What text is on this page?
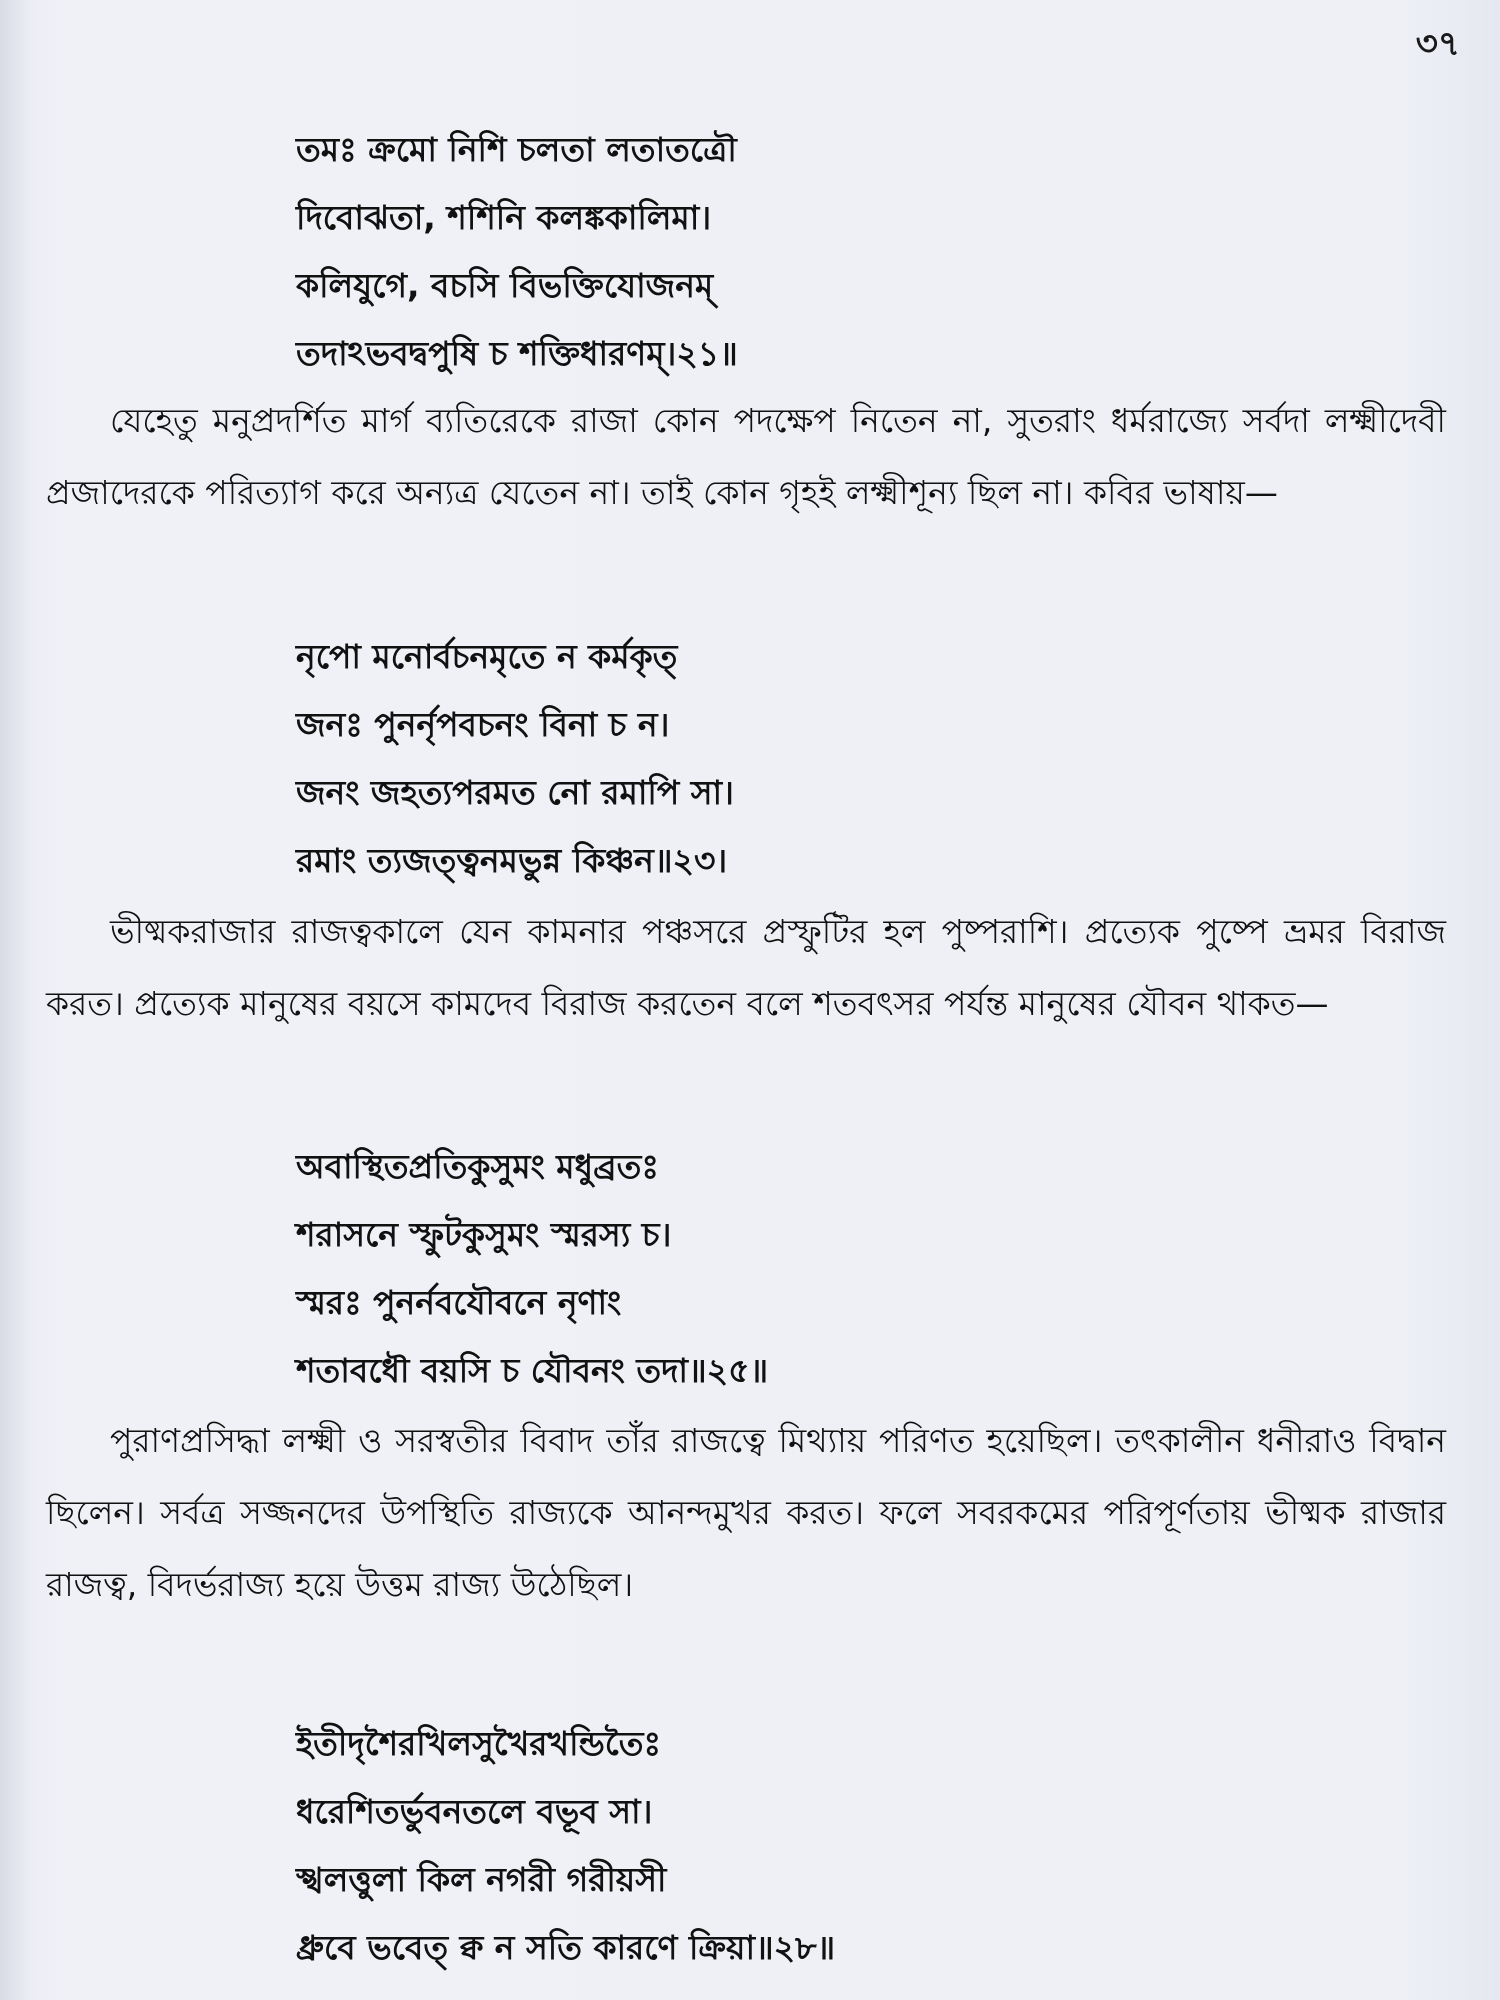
৩৭
তমঃ ক্রমো নিশি চলতা লতাতত্রৌ
দিবোঝতা, শশিনি কলঙ্ককালিমা।
কলিযুগে, বচসি বিভক্তিযোজনম্
তদাঽভবদ্বপুষি চ শক্তিধারণম্।২১॥

যেহেতু মনুপ্রদর্শিত মার্গ ব্যতিরেকে রাজা কোন পদক্ষেপ নিতেন না, সুতরাং ধর্মরাজ্যে সর্বদা লক্ষ্মীদেবী প্রজাদেরকে পরিত্যাগ করে অন্যত্র যেতেন না। তাই কোন গৃহই লক্ষ্মীশূন্য ছিল না। কবির ভাষায়—

নৃপো মনোর্বচনমৃতে ন কর্মকৃত্
জনঃ পুনর্নৃপবচনং বিনা চ ন।
জনং জহত্যপরমত নো রমাপি সা।
রমাং ত্যজত্ত্বনমভুন্ন কিঞ্চন॥২৩।

ভীষ্মকরাজার রাজত্বকালে যেন কামনার পঞ্চসরে প্রস্ফুটির হল পুষ্পরাশি। প্রত্যেক পুষ্পে ভ্রমর বিরাজ করত। প্রত্যেক মানুষের বয়সে কামদেব বিরাজ করতেন বলে শতবৎসর পর্যন্ত মানুষের যৌবন থাকত—

অবাস্থিতপ্রতিকুসুমং মধুব্রতঃ
শরাসনে স্ফুটকুসুমং স্মরস্য চ।
স্মরঃ পুনর্নবযৌবনে নৃণাং
শতাবধৌ বয়সি চ যৌবনং তদা॥২৫॥

পুরাণপ্রসিদ্ধা লক্ষ্মী ও সরস্বতীর বিবাদ তাঁর রাজত্বে মিথ্যায় পরিণত হয়েছিল। তৎকালীন ধনীরাও বিদ্বান ছিলেন। সর্বত্র সজ্জনদের উপস্থিতি রাজ্যকে আনন্দমুখর করত। ফলে সবরকমের পরিপূর্ণতায় ভীষ্মক রাজার রাজত্ব, বিদর্ভরাজ্য হয়ে উত্তম রাজ্য উঠেছিল।

ইতীদৃশৈরখিলসুখৈরখন্ডিতৈঃ
ধরেশিতর্ভুবনতলে বভূব সা।
স্খলত্তুলা কিল নগরী গরীয়সী
ধ্রুবে ভবেত্ ক্ব ন সতি কারণে ক্রিয়া॥২৮॥
